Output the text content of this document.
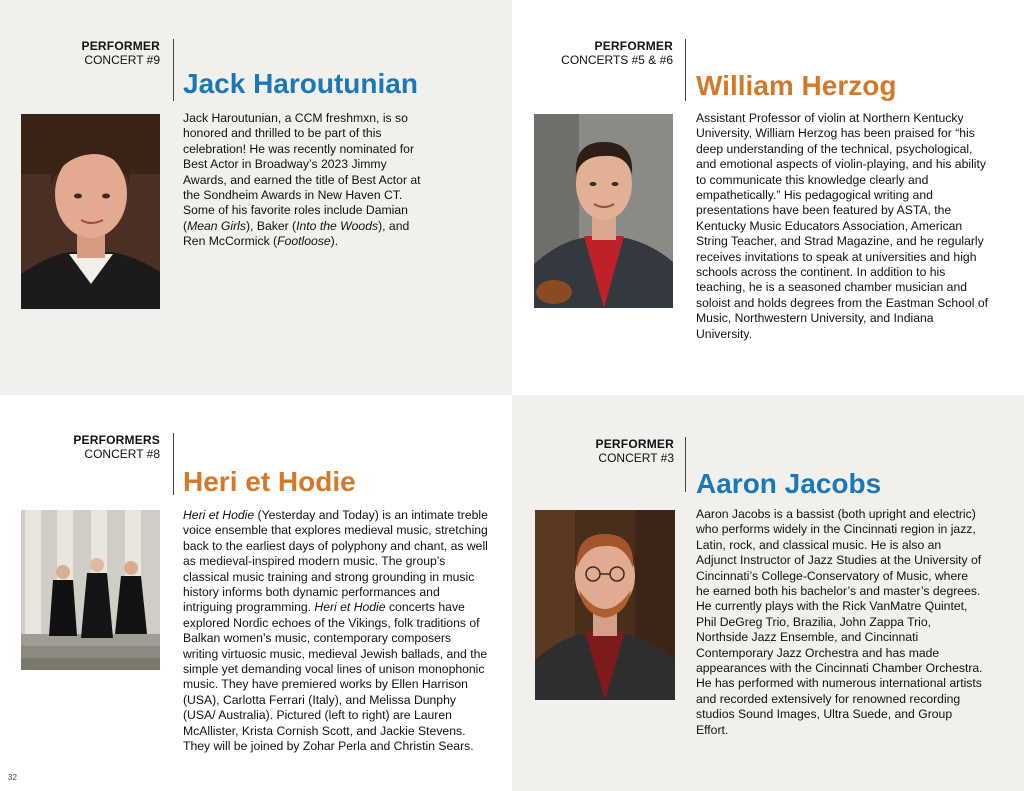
PERFORMER
CONCERT #9
Jack Haroutunian

Jack Haroutunian, a CCM freshmxn, is so honored and thrilled to be part of this celebration! He was recently nominated for Best Actor in Broadway’s 2023 Jimmy Awards, and earned the title of Best Actor at the Sondheim Awards in New Haven CT. Some of his favorite roles include Damian (Mean Girls), Baker (Into the Woods), and Ren McCormick (Footloose).

PERFORMER
CONCERTS #5 & #6
William Herzog

Assistant Professor of violin at Northern Kentucky University, William Herzog has been praised for “his deep understanding of the technical, psychological, and emotional aspects of violin-playing, and his ability to communicate this knowledge clearly and empathetically.” His pedagogical writing and presentations have been featured by ASTA, the Kentucky Music Educators Association, American String Teacher, and Strad Magazine, and he regularly receives invitations to speak at universities and high schools across the continent. In addition to his teaching, he is a seasoned chamber musician and soloist and holds degrees from the Eastman School of Music, Northwestern University, and Indiana University.

PERFORMERS
CONCERT #8
Heri et Hodie

Heri et Hodie (Yesterday and Today) is an intimate treble voice ensemble that explores medieval music, stretching back to the earliest days of polyphony and chant, as well as medieval-inspired modern music. The group’s classical music training and strong grounding in music history informs both dynamic performances and intriguing programming. Heri et Hodie concerts have explored Nordic echoes of the Vikings, folk traditions of Balkan women’s music, contemporary composers writing virtuosic music, medieval Jewish ballads, and the simple yet demanding vocal lines of unison monophonic music. They have premiered works by Ellen Harrison (USA), Carlotta Ferrari (Italy), and Melissa Dunphy (USA/ Australia). Pictured (left to right) are Lauren McAllister, Krista Cornish Scott, and Jackie Stevens. They will be joined by Zohar Perla and Christin Sears.

PERFORMER
CONCERT #3
Aaron Jacobs

Aaron Jacobs is a bassist (both upright and electric) who performs widely in the Cincinnati region in jazz, Latin, rock, and classical music. He is also an Adjunct Instructor of Jazz Studies at the University of Cincinnati’s College-Conservatory of Music, where he earned both his bachelor’s and master’s degrees. He currently plays with the Rick VanMatre Quintet, Phil DeGreg Trio, Brazilia, John Zappa Trio, Northside Jazz Ensemble, and Cincinnati Contemporary Jazz Orchestra and has made appearances with the Cincinnati Chamber Orchestra. He has performed with numerous international artists and recorded extensively for renowned recording studios Sound Images, Ultra Suede, and Group Effort.

32
